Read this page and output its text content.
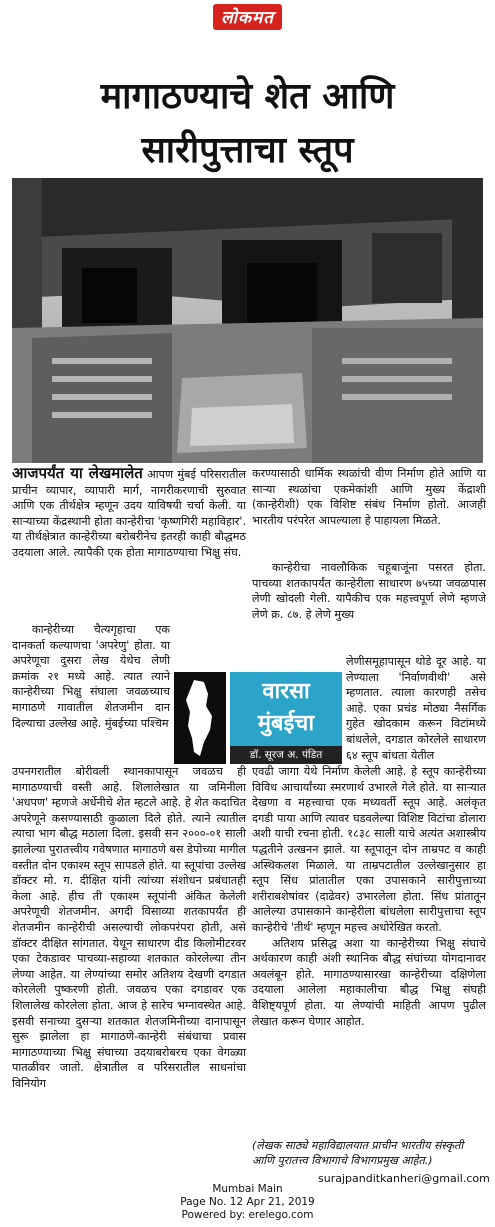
लोकमत
मागाठण्याचे शेत आणि
सारीपुत्ताचा स्तूप

आजपर्यंत या लेखमालेत आपण मुंबई परिसरातील प्राचीन व्यापार, व्यापारी मार्ग, नागरीकरणाची सुरुवात आणि एक तीर्थक्षेत्र म्हणून उदय याविषयी चर्चा केली. या साऱ्याच्या केंद्रस्थानी होता कान्हेरीचा 'कृष्णगिरी महाविहार'. या तीर्थक्षेत्रात कान्हेरीच्या बरोबरीनेच इतरही काही बौद्धमठ उदयाला आले. त्यापैकी एक होता मागाठण्याचा भिक्षु संघ.

कान्हेरीच्या चैत्यगृहाचा एक दानकर्ता कल्याणचा 'अपरेणु' होता. या अपरेणूचा दुसरा लेख येथेच लेणी क्रमांक २१ मध्ये आहे. त्यात त्याने कान्हेरीच्या भिक्षु संघाला जवळच्याच मागाठणे गावातील शेतजमीन दान दिल्याचा उल्लेख आहे. मुंबईच्या पश्चिम

उपनगरातील बोरीवली स्थानकापासून जवळच ही मागाठण्याची वस्ती आहे. शिलालेखात या जमिनीला 'अधपण' म्हणजे अर्धेनीचे शेत म्हटले आहे. हे शेत कदाचित अपरेणूने कसण्यासाठी कुळाला दिले होते. त्याने त्यातील त्याचा भाग बौद्ध मठाला दिला. इसवी सन २०००-०१ साली झालेल्या पुरातत्त्वीय गवेषणात मागाठणे बस डेपोच्या मागील वस्तीत दोन एकाश्म स्तूप सापडले होते. या स्तूपांचा उल्लेख डॉक्टर मो. ग. दीक्षित यांनी त्यांच्या संशोधन प्रबंधातही केला आहे. हीच ती एकाश्म स्तूपांनी अंकित केलेली अपरेणूची शेतजमीन. अगदी विसाव्या शतकापर्यंत ही शेतजमीन कान्हेरीची असल्याची लोकपरंपरा होती, असे डॉक्टर दीक्षित सांगतात. येथून साधारण दीड किलोमीटरवर एका टेकडावर पाचव्या-सहाव्या शतकात कोरलेल्या तीन लेण्या आहेत. या लेण्यांच्या समोर अतिशय देखणी दगडात कोरलेली पुष्करणी होती. जवळच एका दगडावर एक शिलालेख कोरलेला होता. आज हे सारेच भग्नावस्थेत आहे. इसवी सनाच्या दुसऱ्या शतकात शेतजमिनीच्या दानापासून सुरू झालेला हा मागाठणे-कान्हेरी संबंधाचा प्रवास मागाठण्याच्या भिक्षु संघाच्या उदयाबरोबरच एका वेगळ्या पातळीवर जातो. क्षेत्रातील व परिसरातील साधनांचा विनियोग

करण्यासाठी धार्मिक स्थळांची वीण निर्माण होते आणि या साऱ्या स्थळांचा एकमेकांशी आणि मुख्य केंद्राशी (कान्हेरीशी) एक विशिष्ट संबंध निर्माण होतो. आजही भारतीय परंपरेत आपल्याला हे पाहायला मिळते.

कान्हेरीचा नावलौकिक चहूबाजूंना पसरत होता. पाचव्या शतकापर्यंत कान्हेरीला साधारण ७५च्या जवळपास लेणी खोदली गेली. यापैकीच एक महत्त्वपूर्ण लेणे म्हणजे लेणे क्र. ८७. हे लेणे मुख्य

लेणीसमूहापासून थोडे दूर आहे. या लेण्याला 'निर्वाणवीथी' असे म्हणतात. त्याला कारणही तसेच आहे. एका प्रचंड मोठ्या नैसर्गिक गुहेत खोदकाम करून विटांमध्ये बांधलेले, दगडात कोरलेले साधारण ६४ स्तूप बांधता येतील

एवढी जागा येथे निर्माण केलेली आहे. हे स्तूप कान्हेरीच्या विविध आचार्यांच्या स्मरणार्थ उभारले गेले होते. या साऱ्यात देखणा व महत्त्वाचा एक मध्यवर्ती स्तूप आहे. अलंकृत दगडी पाया आणि त्यावर घडवलेल्या विशिष्ट विटांचा डोलारा अशी याची रचना होती. १८३८ साली याचे अत्यंत अशास्त्रीय पद्धतीने उत्खनन झाले. या स्तूपातून दोन ताम्रपट व काही अस्थिकलश मिळाले. या ताम्रपटातील उल्लेखानुसार हा स्तूप सिंध प्रांतातील एका उपासकाने सारीपुत्ताच्या शरीराबशेषांवर (दाढेवर) उभारलेला होता. सिंध प्रांतातून आलेल्या उपासकाने कान्हेरीला बांधलेला सारीपुत्ताचा स्तूप कान्हेरीचे 'तीर्थ' म्हणून महत्त्व अधोरेखित करतो.

अतिशय प्रसिद्ध अशा या कान्हेरीच्या भिक्षु संघाचे अर्थकारण काही अंशी स्थानिक बौद्ध संघांच्या योगदानावर अवलंबून होते. मागाठण्यासारखा कान्हेरीच्या दक्षिणेला उदयाला आलेला महाकालीचा बौद्ध भिक्षु संघही वैशिष्ट्यपूर्ण होता. या लेण्यांची माहिती आपण पुढील लेखात करून घेणार आहोत.

वारसा
मुंबईचा
डॉ. सूरज अ. पंडित
(लेखक साठ्ये महाविद्यालयात प्राचीन भारतीय संस्कृती आणि पुरातत्त्व विभागाचे विभागप्रमुख आहेत.)
surajpanditkanheri@gmail.com
Mumbai Main
Page No. 12 Apr 21, 2019
Powered by: erelego.com
